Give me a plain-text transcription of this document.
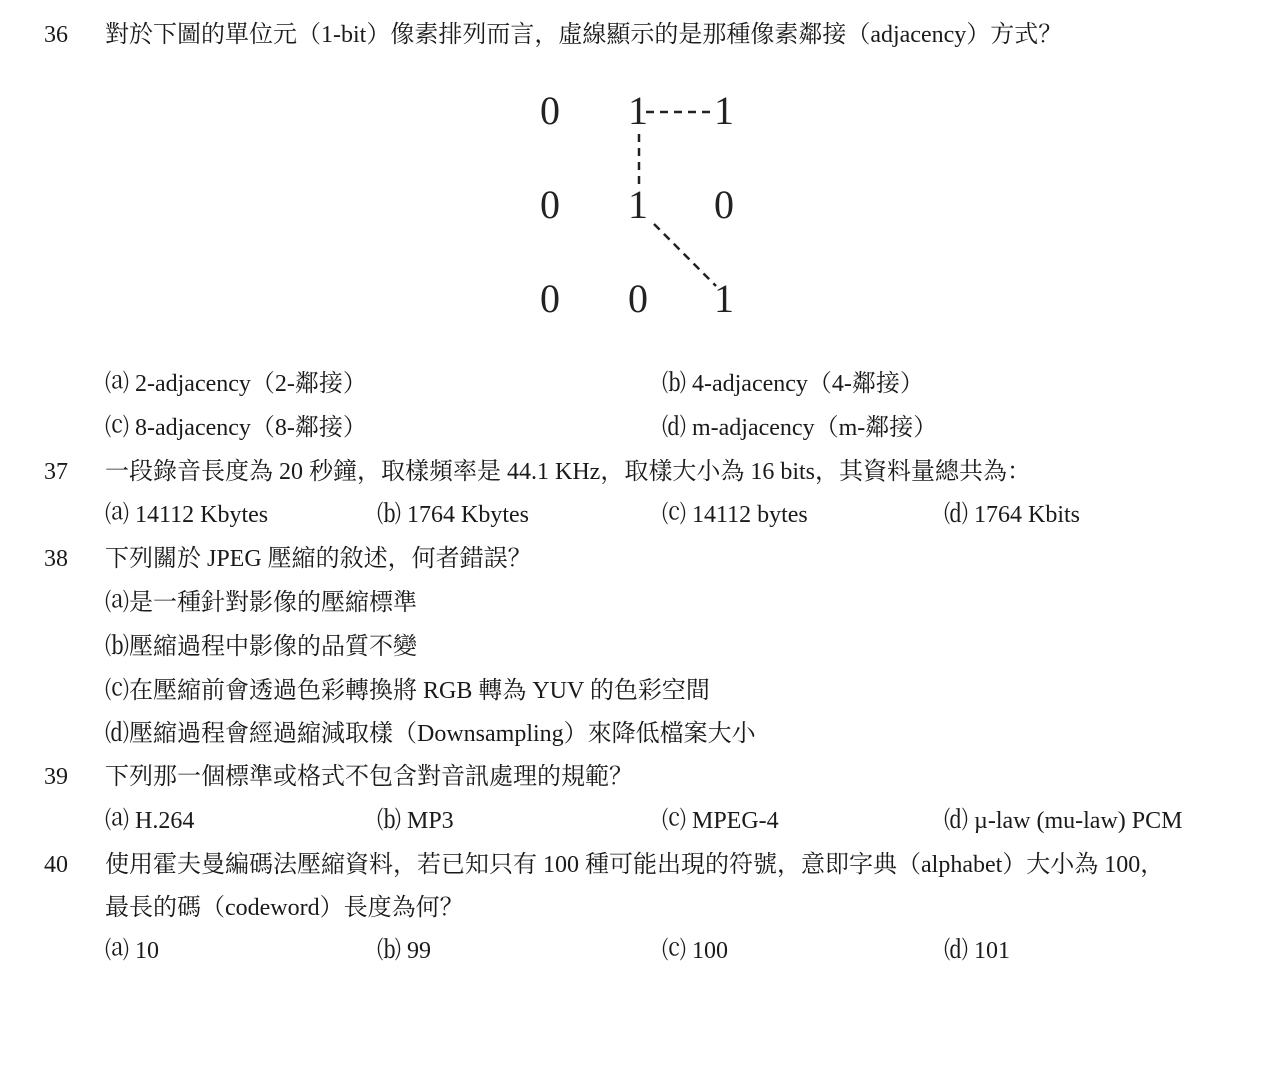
36	對於下圖的單位元（1-bit）像素排列而言，虛線顯示的是那種像素鄰接（adjacency）方式？
0 1 1
0 1 0
0 0 1
⒜ 2-adjacency（2-鄰接）	⒝ 4-adjacency（4-鄰接）
⒞ 8-adjacency（8-鄰接）	⒟ m-adjacency（m-鄰接）
37	一段錄音長度為 20 秒鐘，取樣頻率是 44.1 KHz，取樣大小為 16 bits，其資料量總共為：
⒜ 14112 Kbytes	⒝ 1764 Kbytes	⒞ 14112 bytes	⒟ 1764 Kbits
38	下列關於 JPEG 壓縮的敘述，何者錯誤？
⒜是一種針對影像的壓縮標準
⒝壓縮過程中影像的品質不變
⒞在壓縮前會透過色彩轉換將 RGB 轉為 YUV 的色彩空間
⒟壓縮過程會經過縮減取樣（Downsampling）來降低檔案大小
39	下列那一個標準或格式不包含對音訊處理的規範？
⒜ H.264	⒝ MP3	⒞ MPEG-4	⒟ µ-law (mu-law) PCM
40	使用霍夫曼編碼法壓縮資料，若已知只有 100 種可能出現的符號，意即字典（alphabet）大小為 100，
最長的碼（codeword）長度為何？
⒜ 10	⒝ 99	⒞ 100	⒟ 101
